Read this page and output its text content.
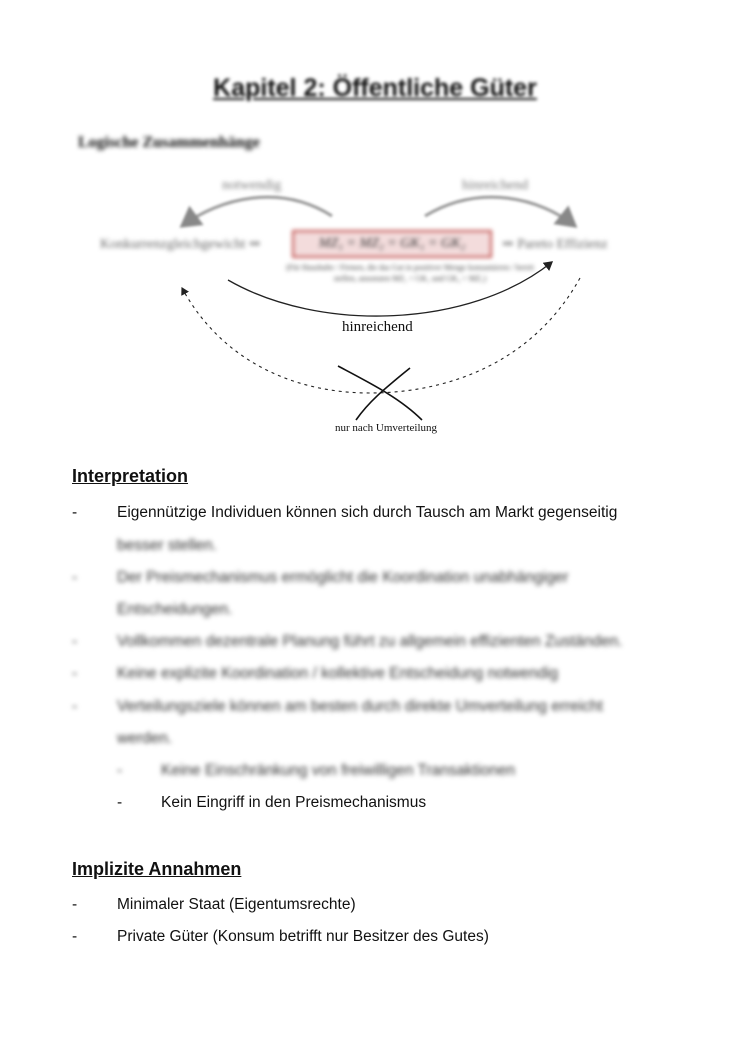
Kapitel 2: Öffentliche Güter
Logische Zusammenhänge
notwendig	hinreichend
Konkurrenzgleichgewicht ⇒	MZ₁ = MZ₂ = GK₁ = GK₂	⇒ Pareto Effizienz
(Für Haushalte / Firmen, die das Gut in positiver Menge konsumieren / bereit stellen, ansonsten MZ₁ < GK₁ und GK₂ > MZ₁)
hinreichend
nur nach Umverteilung
Interpretation
-	Eigennützige Individuen können sich durch Tausch am Markt gegenseitig
besser stellen.
-	Der Preismechanismus ermöglicht die Koordination unabhängiger
Entscheidungen.
-	Vollkommen dezentrale Planung führt zu allgemein effizienten Zuständen.
-	Keine explizite Koordination / kollektive Entscheidung notwendig
-	Verteilungsziele können am besten durch direkte Umverteilung erreicht
werden.
-	Keine Einschränkung von freiwilligen Transaktionen
-	Kein Eingriff in den Preismechanismus
Implizite Annahmen
-	Minimaler Staat (Eigentumsrechte)
-	Private Güter (Konsum betrifft nur Besitzer des Gutes)
